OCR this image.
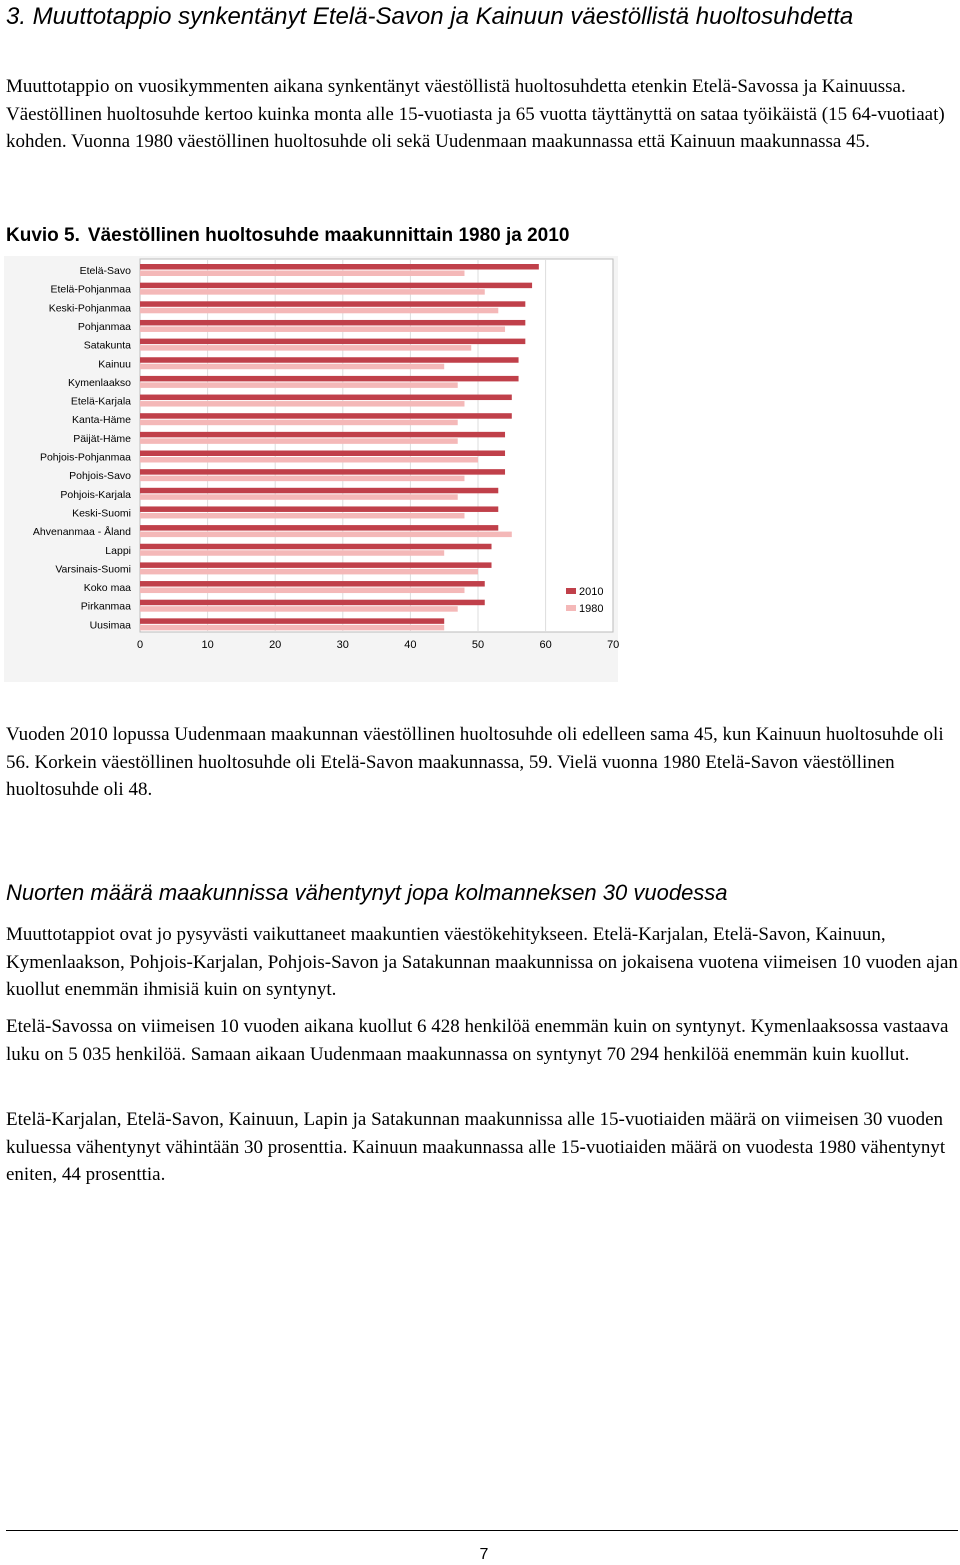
3. Muuttotappio synkentänyt Etelä-Savon ja Kainuun väestöllistä huoltosuhdetta

Muuttotappio on vuosikymmenten aikana synkentänyt väestöllistä huoltosuhdetta etenkin Etelä-Savossa ja Kainuussa. Väestöllinen huoltosuhde kertoo kuinka monta alle 15-vuotiasta ja 65 vuotta täyttänyttä on sataa työikäistä (15 64-vuotiaat) kohden. Vuonna 1980 väestöllinen huoltosuhde oli sekä Uudenmaan maakunnassa että Kainuun maakunnassa 45.

Kuvio 5. Väestöllinen huoltosuhde maakunnittain 1980 ja 2010

Etelä-Savo
Etelä-Pohjanmaa
Keski-Pohjanmaa
Pohjanmaa
Satakunta
Kainuu
Kymenlaakso
Etelä-Karjala
Kanta-Häme
Päijät-Häme
Pohjois-Pohjanmaa
Pohjois-Savo
Pohjois-Karjala
Keski-Suomi
Ahvenanmaa - Åland
Lappi
Varsinais-Suomi
Koko maa
Pirkanmaa
Uusimaa
0	10	20	30	40	50	60	70
2010
1980

Vuoden 2010 lopussa Uudenmaan maakunnan väestöllinen huoltosuhde oli edelleen sama 45, kun Kainuun huoltosuhde oli 56. Korkein väestöllinen huoltosuhde oli Etelä-Savon maakunnassa, 59. Vielä vuonna 1980 Etelä-Savon väestöllinen huoltosuhde oli 48.

Nuorten määrä maakunnissa vähentynyt jopa kolmanneksen 30 vuodessa

Muuttotappiot ovat jo pysyvästi vaikuttaneet maakuntien väestökehitykseen. Etelä-Karjalan, Etelä-Savon, Kainuun, Kymenlaakson, Pohjois-Karjalan, Pohjois-Savon ja Satakunnan maakunnissa on jokaisena vuotena viimeisen 10 vuoden ajan kuollut enemmän ihmisiä kuin on syntynyt.

Etelä-Savossa on viimeisen 10 vuoden aikana kuollut 6 428 henkilöä enemmän kuin on syntynyt. Kymenlaaksossa vastaava luku on 5 035 henkilöä. Samaan aikaan Uudenmaan maakunnassa on syntynyt 70 294 henkilöä enemmän kuin kuollut.

Etelä-Karjalan, Etelä-Savon, Kainuun, Lapin ja Satakunnan maakunnissa alle 15-vuotiaiden määrä on viimeisen 30 vuoden kuluessa vähentynyt vähintään 30 prosenttia. Kainuun maakunnassa alle 15-vuotiaiden määrä on vuodesta 1980 vähentynyt eniten, 44 prosenttia.

7
